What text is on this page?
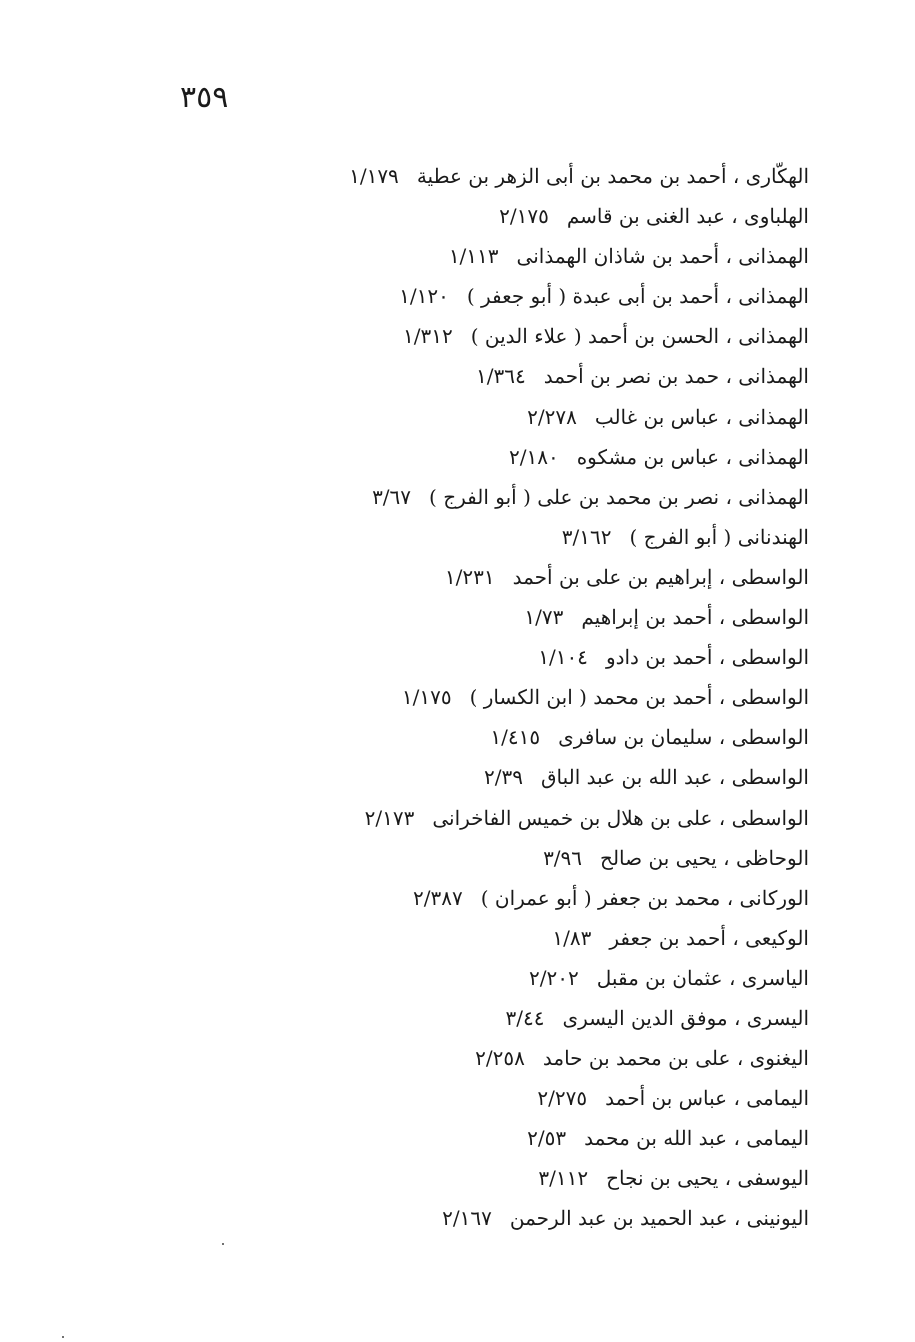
٣٥٩
الهكّارى ، أحمد بن محمد بن أبى الزهر بن عطية١/١٧٩
الهلباوى ، عبد الغنى بن قاسم٢/١٧٥
الهمذانى ، أحمد بن شاذان الهمذانى١/١١٣
الهمذانى ، أحمد بن أبى عبدة ( أبو جعفر )١/١٢٠
الهمذانى ، الحسن بن أحمد ( علاء الدين )١/٣١٢
الهمذانى ، حمد بن نصر بن أحمد١/٣٦٤
الهمذانى ، عباس بن غالب٢/٢٧٨
الهمذانى ، عباس بن مشكوه٢/١٨٠
الهمذانى ، نصر بن محمد بن على ( أبو الفرج )٣/٦٧
الهندنانى ( أبو الفرج )٣/١٦٢
الواسطى ، إبراهيم بن على بن أحمد١/٢٣١
الواسطى ، أحمد بن إبراهيم١/٧٣
الواسطى ، أحمد بن دادو١/١٠٤
الواسطى ، أحمد بن محمد ( ابن الكسار )١/١٧٥
الواسطى ، سليمان بن سافرى١/٤١٥
الواسطى ، عبد الله بن عبد الباق٢/٣٩
الواسطى ، على بن هلال بن خميس الفاخرانى٢/١٧٣
الوحاظى ، يحيى بن صالح٣/٩٦
الوركانى ، محمد بن جعفر ( أبو عمران )٢/٣٨٧
الوكيعى ، أحمد بن جعفر١/٨٣
الياسرى ، عثمان بن مقبل٢/٢٠٢
اليسرى ، موفق الدين اليسرى٣/٤٤
اليغنوى ، على بن محمد بن حامد٢/٢٥٨
اليمامى ، عباس بن أحمد٢/٢٧٥
اليمامى ، عبد الله بن محمد٢/٥٣
اليوسفى ، يحيى بن نجاح٣/١١٢
اليونينى ، عبد الحميد بن عبد الرحمن٢/١٦٧
